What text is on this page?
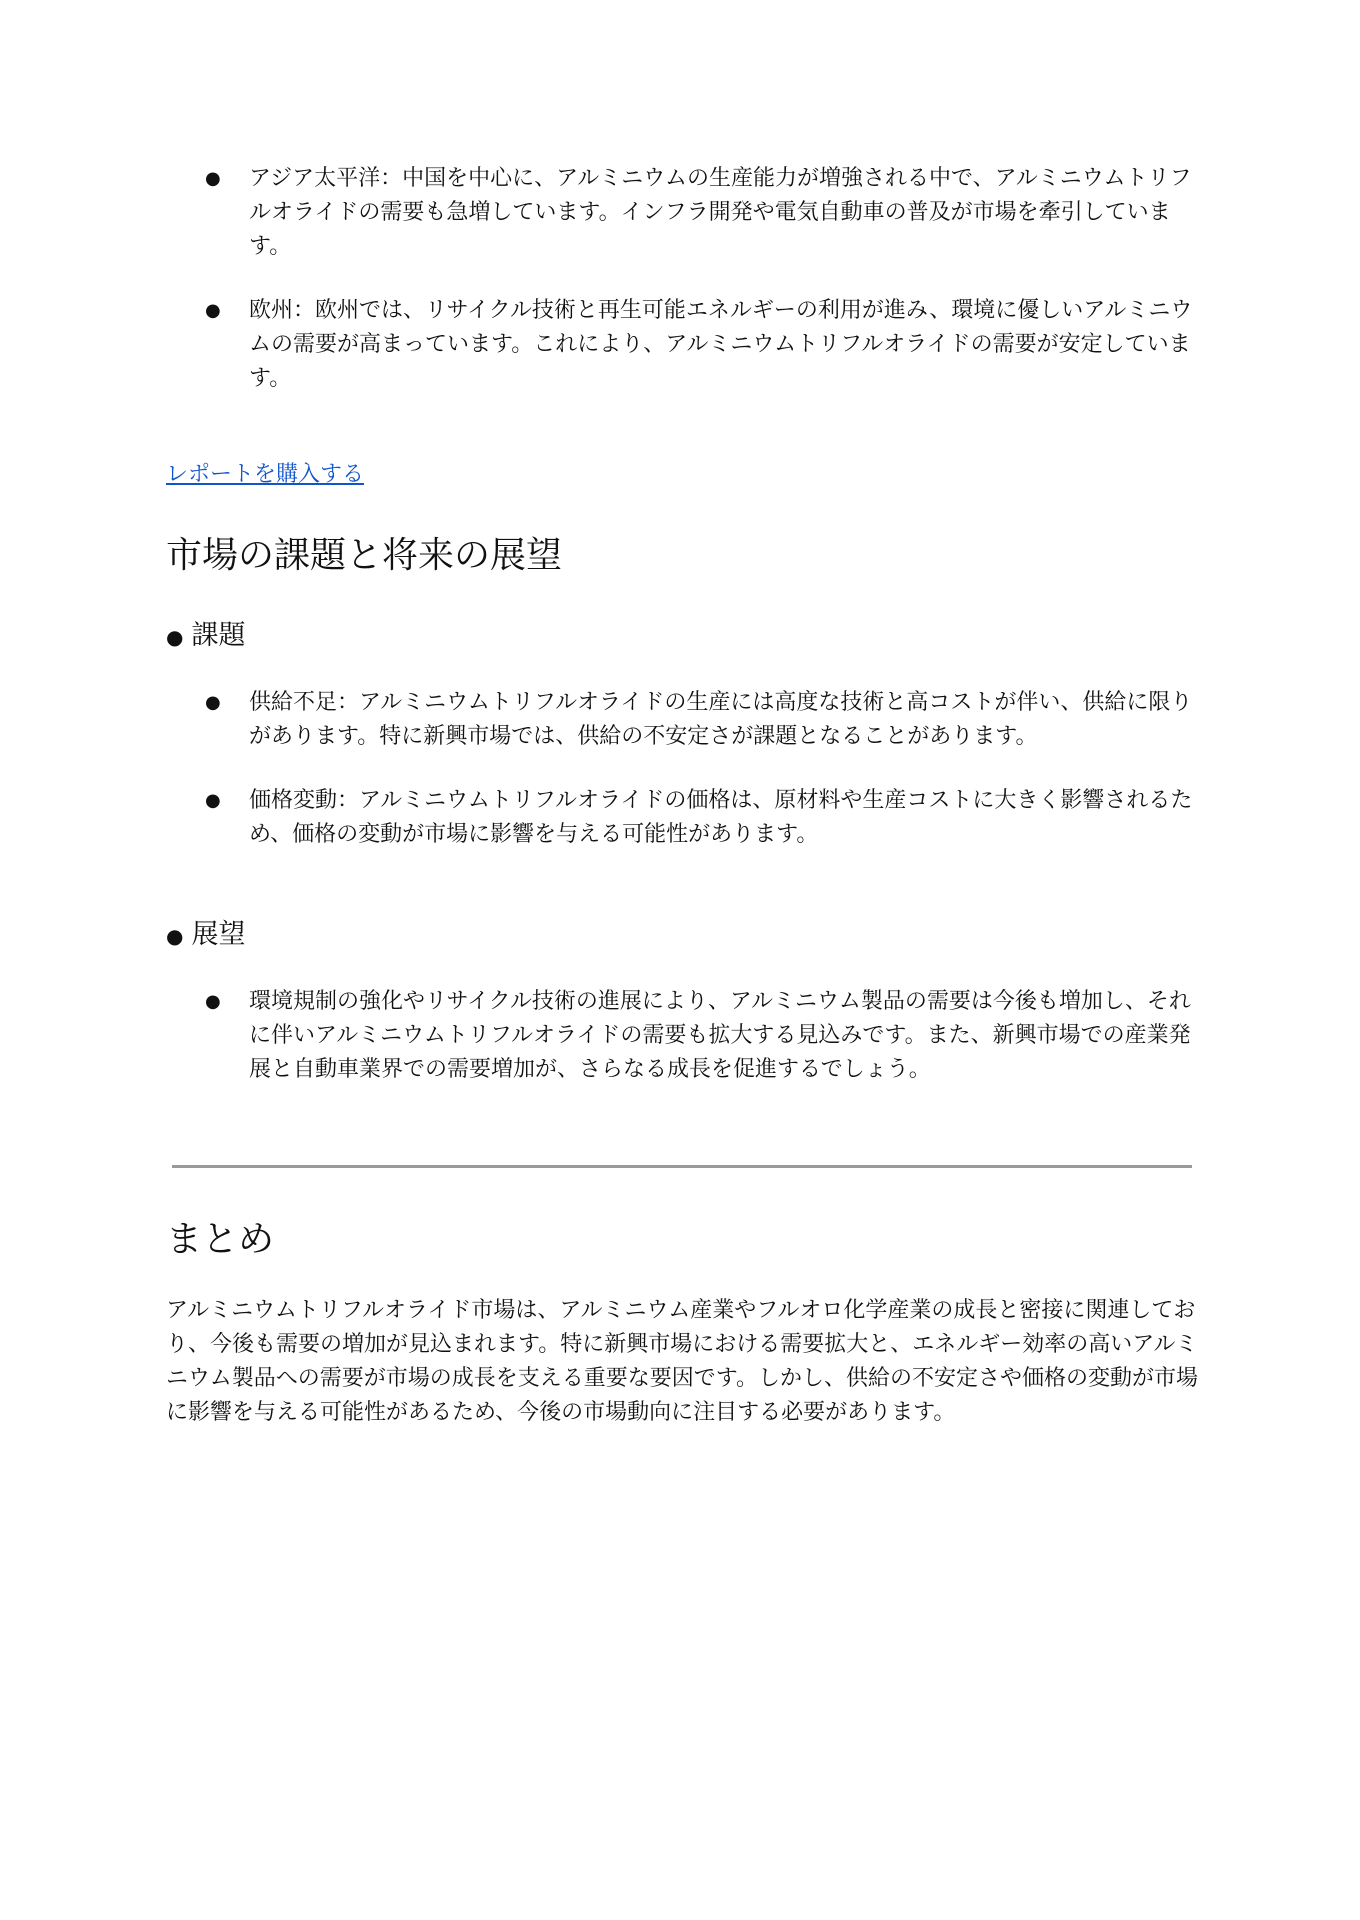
●	アジア太平洋：中国を中心に、アルミニウムの生産能力が増強される中で、アルミニウムトリフルオライドの需要も急増しています。インフラ開発や電気自動車の普及が市場を牽引しています。
●	欧州：欧州では、リサイクル技術と再生可能エネルギーの利用が進み、環境に優しいアルミニウムの需要が高まっています。これにより、アルミニウムトリフルオライドの需要が安定しています。
レポートを購入する
市場の課題と将来の展望
● 課題
●	供給不足：アルミニウムトリフルオライドの生産には高度な技術と高コストが伴い、供給に限りがあります。特に新興市場では、供給の不安定さが課題となることがあります。
●	価格変動：アルミニウムトリフルオライドの価格は、原材料や生産コストに大きく影響されるため、価格の変動が市場に影響を与える可能性があります。
● 展望
●	環境規制の強化やリサイクル技術の進展により、アルミニウム製品の需要は今後も増加し、それに伴いアルミニウムトリフルオライドの需要も拡大する見込みです。また、新興市場での産業発展と自動車業界での需要増加が、さらなる成長を促進するでしょう。
まとめ

アルミニウムトリフルオライド市場は、アルミニウム産業やフルオロ化学産業の成長と密接に関連しており、今後も需要の増加が見込まれます。特に新興市場における需要拡大と、エネルギー効率の高いアルミニウム製品への需要が市場の成長を支える重要な要因です。しかし、供給の不安定さや価格の変動が市場に影響を与える可能性があるため、今後の市場動向に注目する必要があります。
